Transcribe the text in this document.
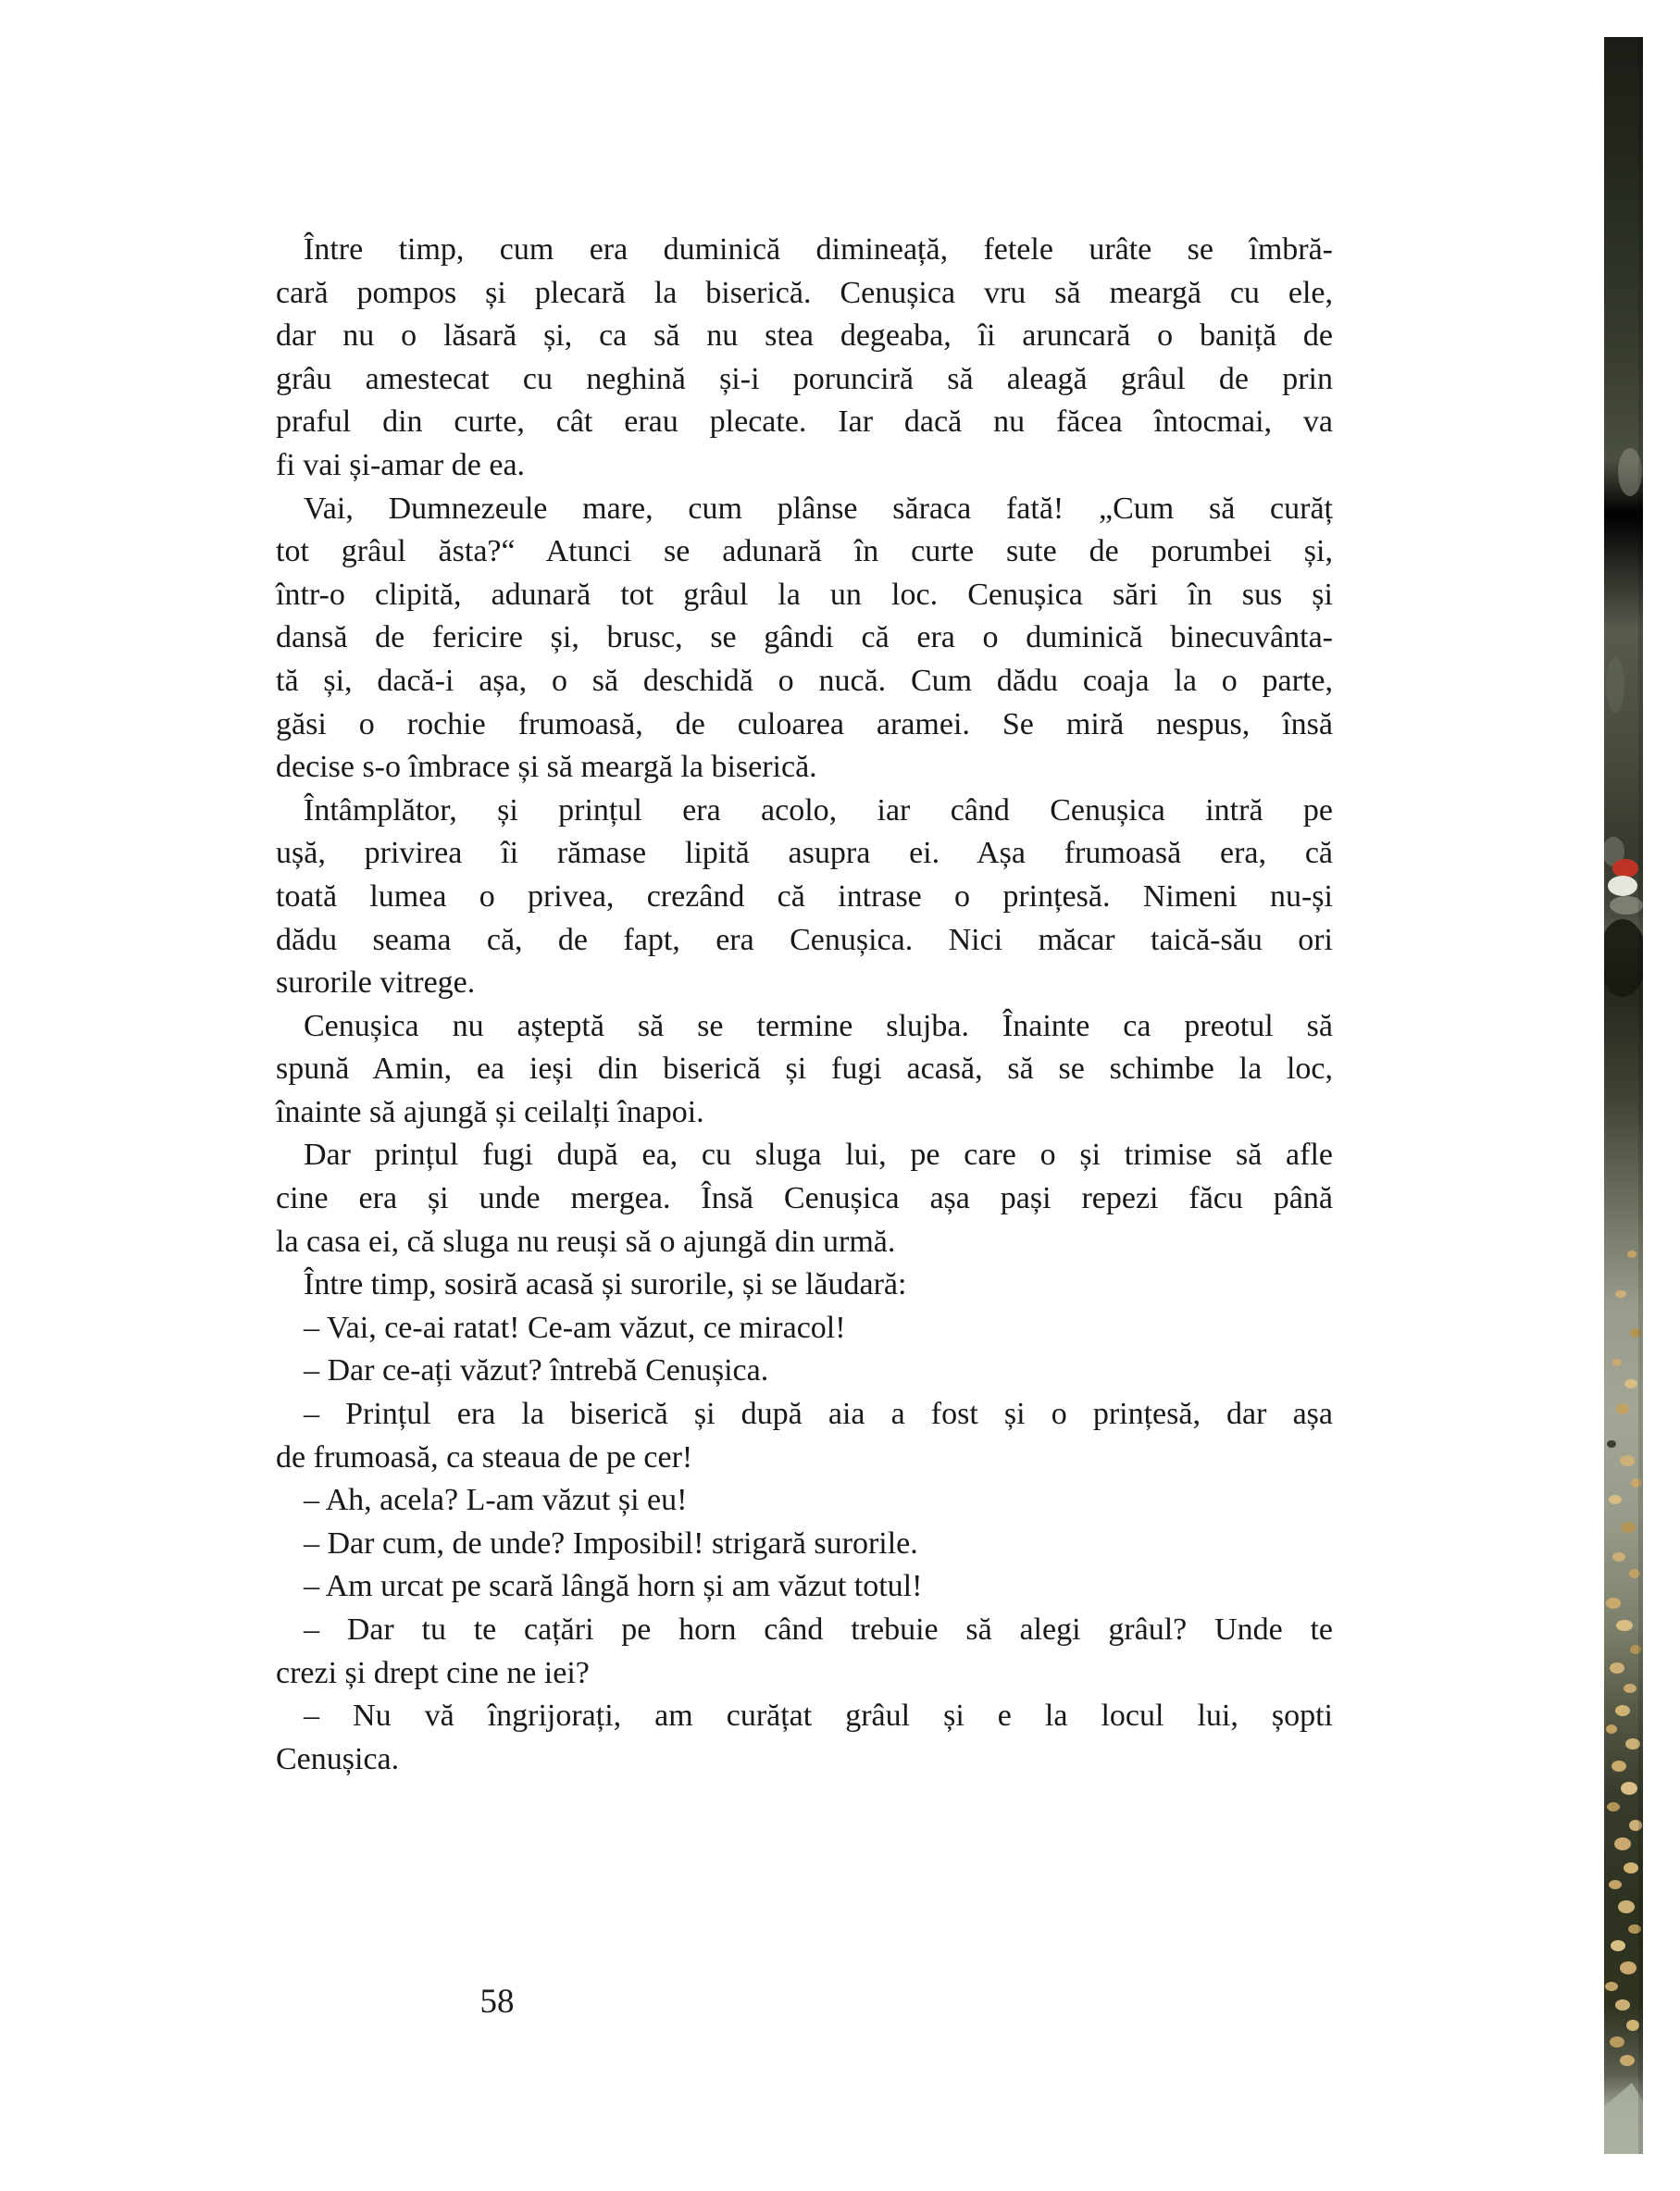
Între timp, cum era duminică dimineață, fetele urâte se îmbră-
cară pompos și plecară la biserică. Cenușica vru să meargă cu ele,
dar nu o lăsară și, ca să nu stea degeaba, îi aruncară o baniță de
grâu amestecat cu neghină și-i porunciră să aleagă grâul de prin
praful din curte, cât erau plecate. Iar dacă nu făcea întocmai, va
fi vai și-amar de ea.
Vai, Dumnezeule mare, cum plânse săraca fată! „Cum să curăț
tot grâul ăsta?“ Atunci se adunară în curte sute de porumbei și,
într-o clipită, adunară tot grâul la un loc. Cenușica sări în sus și
dansă de fericire și, brusc, se gândi că era o duminică binecuvânta-
tă și, dacă-i așa, o să deschidă o nucă. Cum dădu coaja la o parte,
găsi o rochie frumoasă, de culoarea aramei. Se miră nespus, însă
decise s-o îmbrace și să meargă la biserică.
Întâmplător, și prințul era acolo, iar când Cenușica intră pe
ușă, privirea îi rămase lipită asupra ei. Așa frumoasă era, că
toată lumea o privea, crezând că intrase o prințesă. Nimeni nu-și
dădu seama că, de fapt, era Cenușica. Nici măcar taică-său ori
surorile vitrege.
Cenușica nu așteptă să se termine slujba. Înainte ca preotul să
spună Amin, ea ieși din biserică și fugi acasă, să se schimbe la loc,
înainte să ajungă și ceilalți înapoi.
Dar prințul fugi după ea, cu sluga lui, pe care o și trimise să afle
cine era și unde mergea. Însă Cenușica așa pași repezi făcu până
la casa ei, că sluga nu reuși să o ajungă din urmă.
Între timp, sosiră acasă și surorile, și se lăudară:
– Vai, ce-ai ratat! Ce-am văzut, ce miracol!
– Dar ce-ați văzut? întrebă Cenușica.
– Prințul era la biserică și după aia a fost și o prințesă, dar așa
de frumoasă, ca steaua de pe cer!
– Ah, acela? L-am văzut și eu!
– Dar cum, de unde? Imposibil! strigară surorile.
– Am urcat pe scară lângă horn și am văzut totul!
– Dar tu te cațări pe horn când trebuie să alegi grâul? Unde te
crezi și drept cine ne iei?
– Nu vă îngrijorați, am curățat grâul și e la locul lui, șopti
Cenușica.
58
